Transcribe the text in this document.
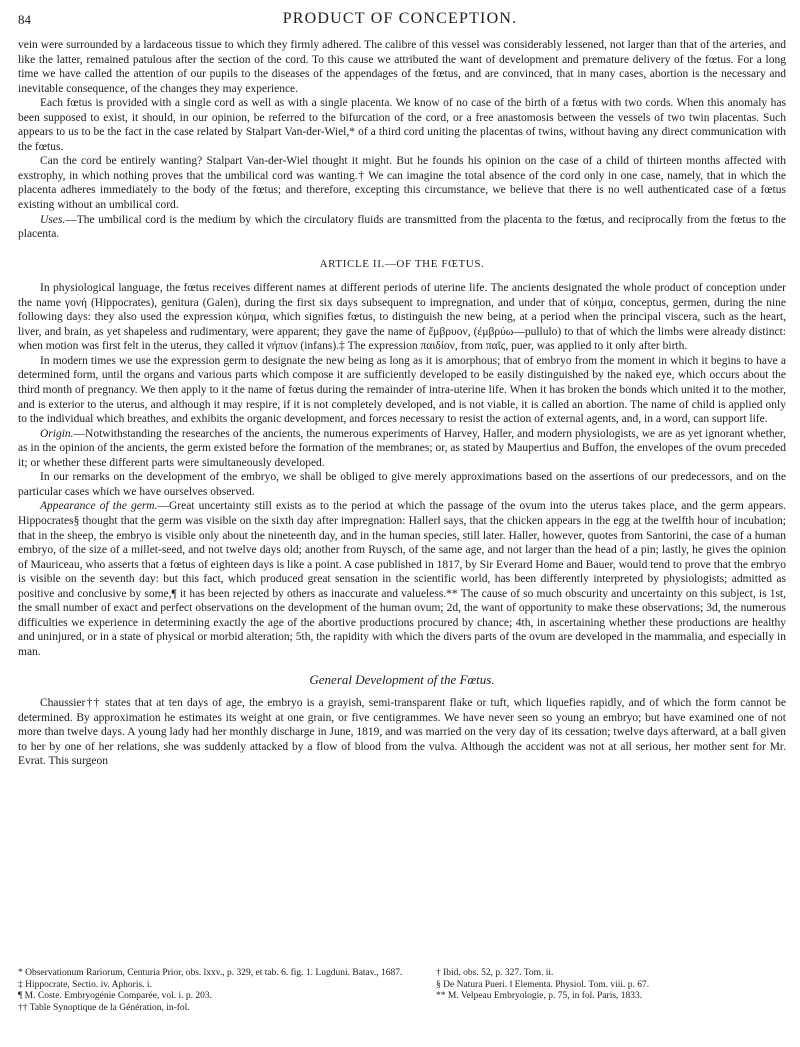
84	PRODUCT OF CONCEPTION.

vein were surrounded by a lardaceous tissue to which they firmly adhered. The calibre of this vessel was considerably lessened, not larger than that of the arteries, and like the latter, remained patulous after the section of the cord. To this cause we attributed the want of development and premature delivery of the fœtus. For a long time we have called the attention of our pupils to the diseases of the appendages of the fœtus, and are convinced, that in many cases, abortion is the necessary and inevitable consequence, of the changes they may experience.

Each fœtus is provided with a single cord as well as with a single placenta. We know of no case of the birth of a fœtus with two cords. When this anomaly has been supposed to exist, it should, in our opinion, be referred to the bifurcation of the cord, or a free anastomosis between the vessels of two twin placentas. Such appears to us to be the fact in the case related by Stalpart Van-der-Wiel,* of a third cord uniting the placentas of twins, without having any direct communication with the fœtus.

Can the cord be entirely wanting? Stalpart Van-der-Wiel thought it might. But he founds his opinion on the case of a child of thirteen months affected with exstrophy, in which nothing proves that the umbilical cord was wanting.† We can imagine the total absence of the cord only in one case, namely, that in which the placenta adheres immediately to the body of the fœtus; and therefore, excepting this circumstance, we believe that there is no well authenticated case of a fœtus existing without an umbilical cord.

Uses.—The umbilical cord is the medium by which the circulatory fluids are transmitted from the placenta to the fœtus, and reciprocally from the fœtus to the placenta.

ARTICLE II.—OF THE FŒTUS.

In physiological language, the fœtus receives different names at different periods of uterine life. The ancients designated the whole product of conception under the name γονή (Hippocrates), genitura (Galen), during the first six days subsequent to impregnation, and under that of κύημα, conceptus, germen, during the nine following days: they also used the expression κύημα, which signifies fœtus, to distinguish the new being, at a period when the principal viscera, such as the heart, liver, and brain, as yet shapeless and rudimentary, were apparent; they gave the name of ἔμβρυον, (ἐμβρύω—pullulo) to that of which the limbs were already distinct: when motion was first felt in the uterus, they called it νήπιον (infans).‡ The expression παιδίον, from παῖς, puer, was applied to it only after birth.

In modern times we use the expression germ to designate the new being as long as it is amorphous; that of embryo from the moment in which it begins to have a determined form, until the organs and various parts which compose it are sufficiently developed to be easily distinguished by the naked eye, which occurs about the third month of pregnancy. We then apply to it the name of fœtus during the remainder of intra-uterine life. When it has broken the bonds which united it to the mother, and is exterior to the uterus, and although it may respire, if it is not completely developed, and is not viable, it is called an abortion. The name of child is applied only to the individual which breathes, and exhibits the organic development, and forces necessary to resist the action of external agents, and, in a word, can support life.

Origin.—Notwithstanding the researches of the ancients, the numerous experiments of Harvey, Haller, and modern physiologists, we are as yet ignorant whether, as in the opinion of the ancients, the germ existed before the formation of the membranes; or, as stated by Maupertius and Buffon, the envelopes of the ovum preceded it; or whether these different parts were simultaneously developed.

In our remarks on the development of the embryo, we shall be obliged to give merely approximations based on the assertions of our predecessors, and on the particular cases which we have ourselves observed.

Appearance of the germ.—Great uncertainty still exists as to the period at which the passage of the ovum into the uterus takes place, and the germ appears. Hippocrates§ thought that the germ was visible on the sixth day after impregnation: Haller‖ says, that the chicken appears in the egg at the twelfth hour of incubation; that in the sheep, the embryo is visible only about the nineteenth day, and in the human species, still later. Haller, however, quotes from Santorini, the case of a human embryo, of the size of a millet-seed, and not twelve days old; another from Ruysch, of the same age, and not larger than the head of a pin; lastly, he gives the opinion of Mauriceau, who asserts that a fœtus of eighteen days is like a point. A case published in 1817, by Sir Everard Home and Bauer, would tend to prove that the embryo is visible on the seventh day: but this fact, which produced great sensation in the scientific world, has been differently interpreted by physiologists; admitted as positive and conclusive by some,¶ it has been rejected by others as inaccurate and valueless.** The cause of so much obscurity and uncertainty on this subject, is 1st, the small number of exact and perfect observations on the development of the human ovum; 2d, the want of opportunity to make these observations; 3d, the numerous difficulties we experience in determining exactly the age of the abortive productions procured by chance; 4th, in ascertaining whether these productions are healthy and uninjured, or in a state of physical or morbid alteration; 5th, the rapidity with which the divers parts of the ovum are developed in the mammalia, and especially in man.

General Development of the Fœtus.

Chaussier†† states that at ten days of age, the embryo is a grayish, semi-transparent flake or tuft, which liquefies rapidly, and of which the form cannot be determined. By approximation he estimates its weight at one grain, or five centigrammes. We have never seen so young an embryo; but have examined one of not more than twelve days. A young lady had her monthly discharge in June, 1819, and was married on the very day of its cessation; twelve days afterward, at a ball given to her by one of her relations, she was suddenly attacked by a flow of blood from the vulva. Although the accident was not at all serious, her mother sent for Mr. Evrat. This surgeon

* Observationum Rariorum, Centuria Prior, obs. lxxv., p. 329, et tab. 6. fig. 1. Lugduni. Batav., 1687.	† Ibid. obs. 52, p. 327. Tom. ii.
‡ Hippocrate, Sectio. iv. Aphoris. i.	§ De Natura Pueri. ‖ Elementa. Physiol. Tom. viii. p. 67.
¶ M. Coste. Embryogénie Comparée, vol. i. p. 203.	** M. Velpeau Embryologie, p. 75, in fol. Paris, 1833.
†† Table Synoptique de la Génération, in-fol.
